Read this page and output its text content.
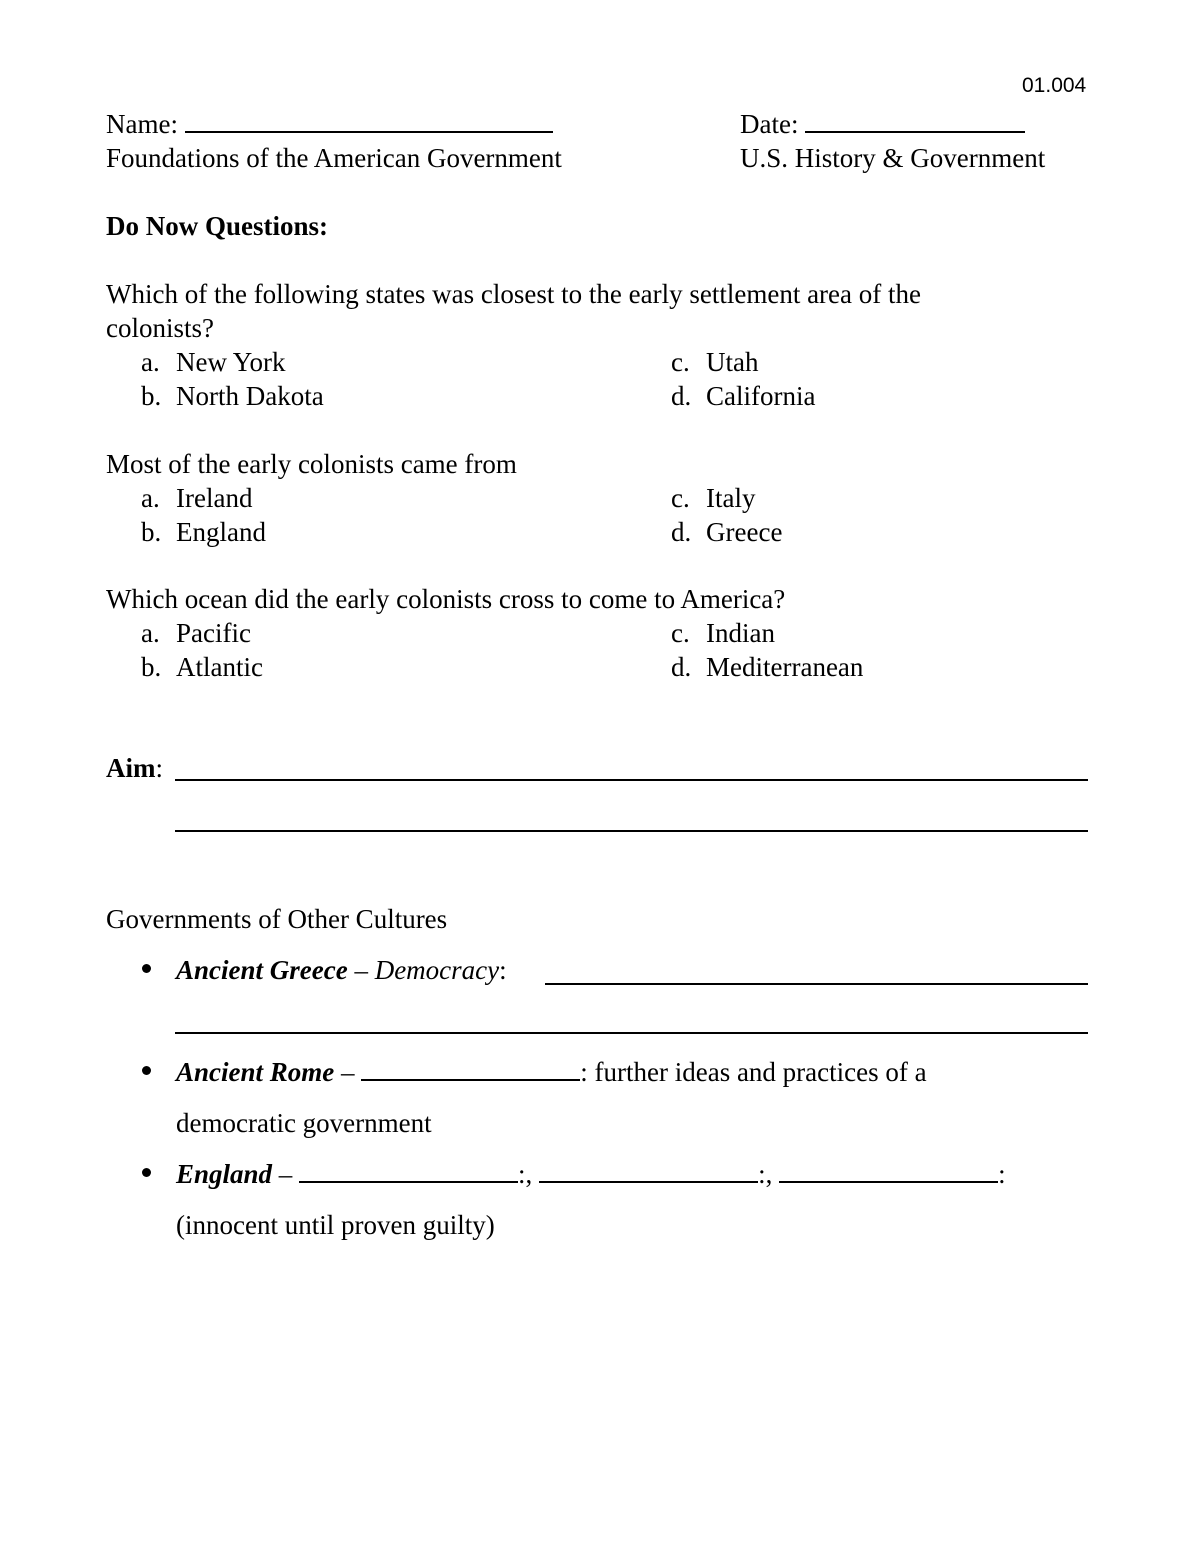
01.004
Name:	Date:
Foundations of the American Government	U.S. History & Government
Do Now Questions:
Which of the following states was closest to the early settlement area of the
colonists?
a. New York
b. North Dakota
c. Utah
d. California
Most of the early colonists came from
a. Ireland
b. England
c. Italy
d. Greece
Which ocean did the early colonists cross to come to America?
a. Pacific
b. Atlantic
c. Indian
d. Mediterranean
Aim:
Governments of Other Cultures
Ancient Greece – Democracy:
Ancient Rome –	: further ideas and practices of a
democratic government
England –	:,	:,	:
(innocent until proven guilty)
